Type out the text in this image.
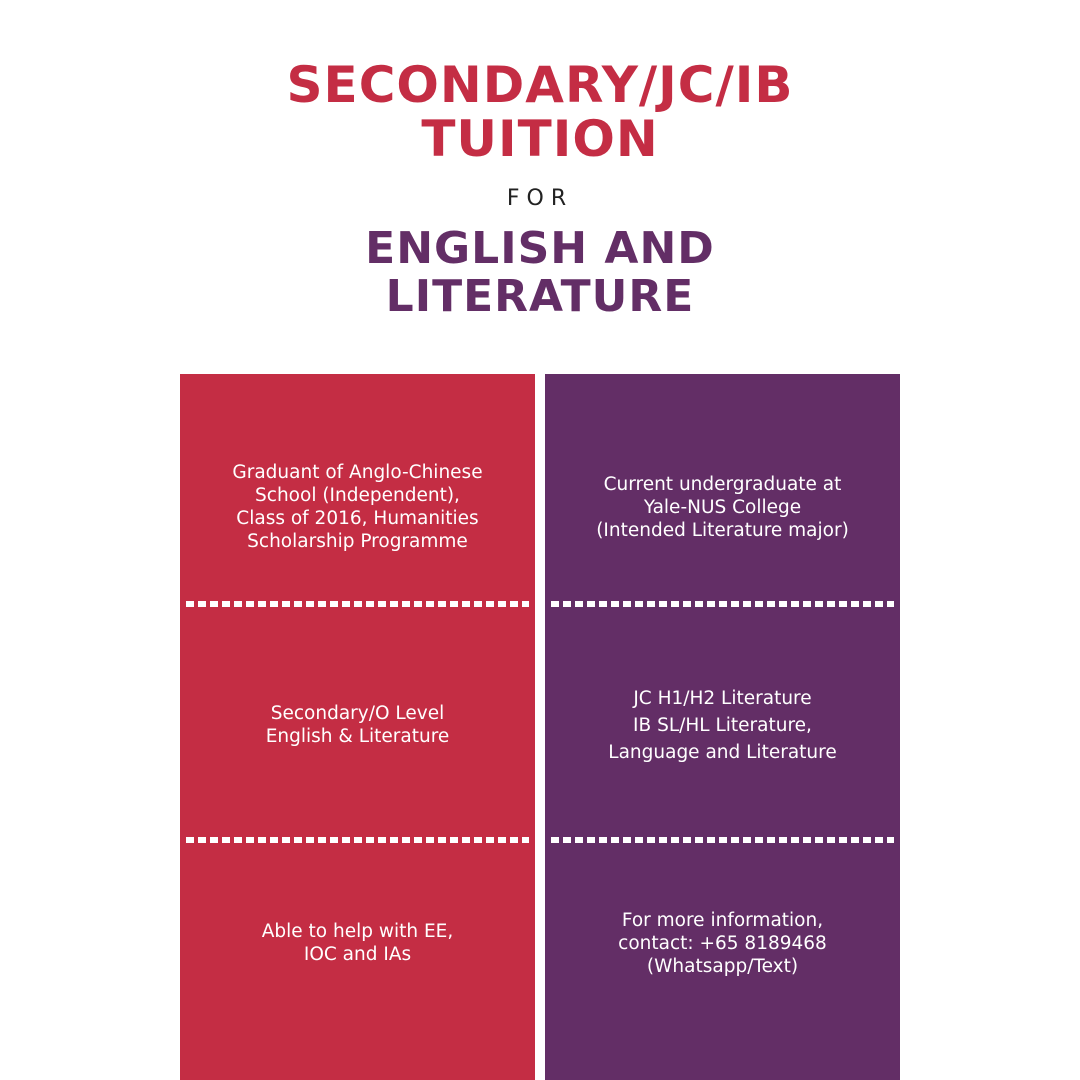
SECONDARY/JC/IB
TUITION
FOR
ENGLISH AND
LITERATURE
Graduant of Anglo-Chinese
School (Independent),
Class of 2016, Humanities
Scholarship Programme
Secondary/O Level
English & Literature
Able to help with EE,
IOC and IAs
Current undergraduate at
Yale-NUS College
(Intended Literature major)
JC H1/H2 Literature
IB SL/HL Literature,
Language and Literature
For more information,
contact: +65 8189468
(Whatsapp/Text)
